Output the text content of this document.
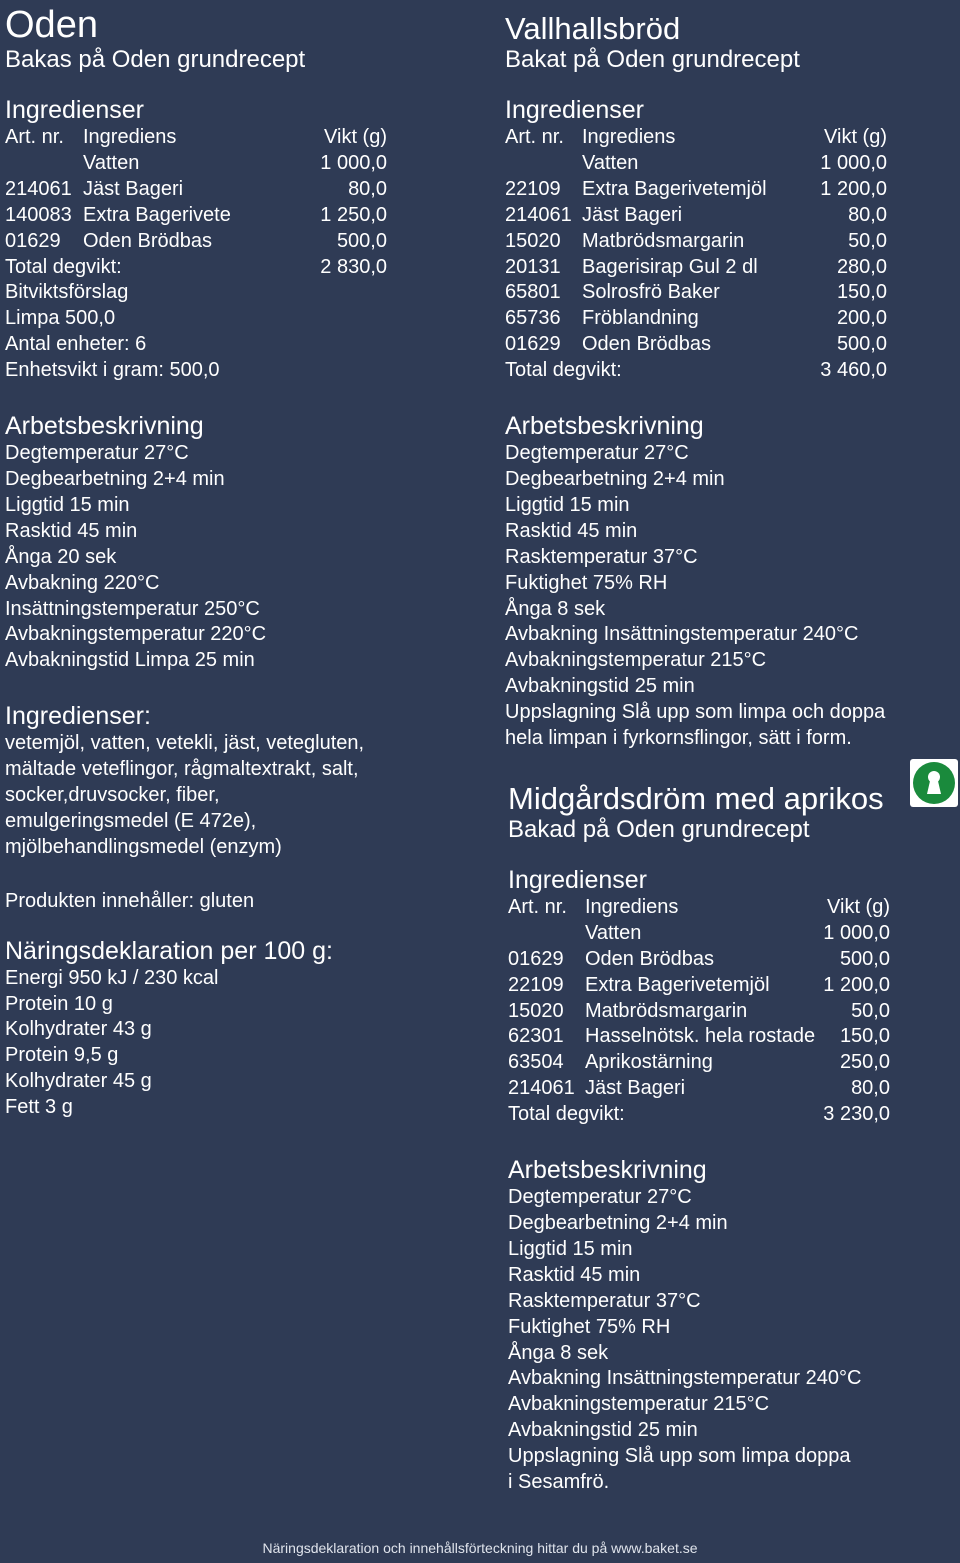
Oden
Bakas på Oden grundrecept
Ingredienser
Art. nr.	Ingrediens	Vikt (g)
	Vatten	1 000,0
214061	Jäst Bageri	80,0
140083	Extra Bagerivete	1 250,0
01629	Oden Brödbas	500,0
Total degvikt:		2 830,0
Bitviktsförslag
Limpa 500,0
Antal enheter: 6
Enhetsvikt i gram: 500,0
Arbetsbeskrivning
Degtemperatur 27°C
Degbearbetning 2+4 min
Liggtid 15 min
Rasktid 45 min
Ånga 20 sek
Avbakning 220°C
Insättningstemperatur 250°C
Avbakningstemperatur 220°C
Avbakningstid Limpa 25 min
Ingredienser:
vetemjöl, vatten, vetekli, jäst, vetegluten,
mältade veteflingor, rågmaltextrakt, salt,
socker,druvsocker, fiber,
emulgeringsmedel (E 472e),
mjölbehandlingsmedel (enzym)
Produkten innehåller: gluten
Näringsdeklaration per 100 g:
Energi 950 kJ / 230 kcal
Protein 10 g
Kolhydrater 43 g
Protein 9,5 g
Kolhydrater 45 g
Fett 3 g
Vallhallsbröd
Bakat på Oden grundrecept
Ingredienser
Art. nr.	Ingrediens	Vikt (g)
	Vatten	1 000,0
22109	Extra Bagerivetemjöl	1 200,0
214061	Jäst Bageri	80,0
15020	Matbrödsmargarin	50,0
20131	Bagerisirap Gul 2 dl	280,0
65801	Solrosfrö Baker	150,0
65736	Fröblandning	200,0
01629	Oden Brödbas	500,0
Total degvikt:		3 460,0
Arbetsbeskrivning
Degtemperatur 27°C
Degbearbetning 2+4 min
Liggtid 15 min
Rasktid 45 min
Rasktemperatur 37°C
Fuktighet 75% RH
Ånga 8 sek
Avbakning Insättningstemperatur 240°C
Avbakningstemperatur 215°C
Avbakningstid 25 min
Uppslagning Slå upp som limpa och doppa
hela limpan i fyrkornsflingor, sätt i form.
Midgårdsdröm med aprikos
Bakad på Oden grundrecept
Ingredienser
Art. nr.	Ingrediens	Vikt (g)
	Vatten	1 000,0
01629	Oden Brödbas	500,0
22109	Extra Bagerivetemjöl	1 200,0
15020	Matbrödsmargarin	50,0
62301	Hasselnötsk. hela rostade	150,0
63504	Aprikostärning	250,0
214061	Jäst Bageri	80,0
Total degvikt:		3 230,0
Arbetsbeskrivning
Degtemperatur 27°C
Degbearbetning 2+4 min
Liggtid 15 min
Rasktid 45 min
Rasktemperatur 37°C
Fuktighet 75% RH
Ånga 8 sek
Avbakning Insättningstemperatur 240°C
Avbakningstemperatur 215°C
Avbakningstid 25 min
Uppslagning Slå upp som limpa doppa
i Sesamfrö.
Näringsdeklaration och innehållsförteckning hittar du på www.baket.se
